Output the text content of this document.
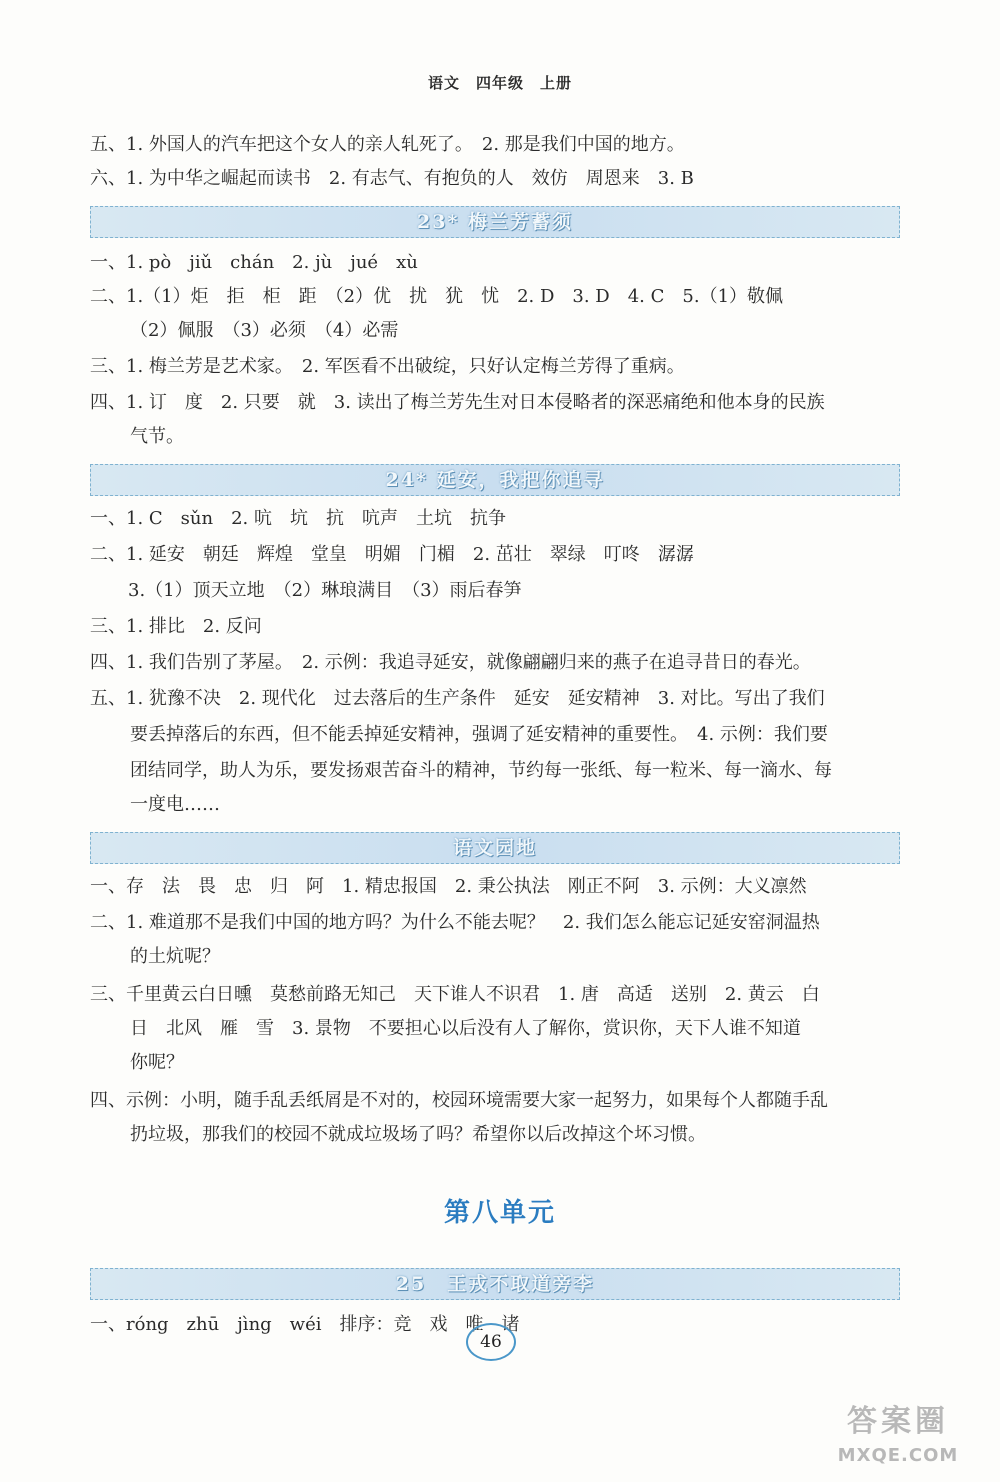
语文　四年级　上册
五、1. 外国人的汽车把这个女人的亲人轧死了。　2. 那是我们中国的地方。
六、1. 为中华之崛起而读书　2. 有志气、有抱负的人　效仿　周恩来　3. B
23* 梅兰芳蓄须
一、1. pò　jiǔ　chán　2. jù　jué　xù
二、1.（1）炬　拒　柜　距　（2）优　扰　犹　忧　2. D　3. D　4. C　5.（1）敬佩
（2）佩服　（3）必须　（4）必需
三、1. 梅兰芳是艺术家。　2. 军医看不出破绽，只好认定梅兰芳得了重病。
四、1. 订　度　2. 只要　就　3. 读出了梅兰芳先生对日本侵略者的深恶痛绝和他本身的民族
气节。
24* 延安，我把你追寻
一、1. C　sǔn　2. 吭　坑　抗　吭声　土坑　抗争
二、1. 延安　朝廷　辉煌　堂皇　明媚　门楣　2. 茁壮　翠绿　叮咚　潺潺
3.（1）顶天立地　（2）琳琅满目　（3）雨后春笋
三、1. 排比　2. 反问
四、1. 我们告别了茅屋。　2. 示例：我追寻延安，就像翩翩归来的燕子在追寻昔日的春光。
五、1. 犹豫不决　2. 现代化　过去落后的生产条件　延安　延安精神　3. 对比。写出了我们
要丢掉落后的东西，但不能丢掉延安精神，强调了延安精神的重要性。　4. 示例：我们要
团结同学，助人为乐，要发扬艰苦奋斗的精神，节约每一张纸、每一粒米、每一滴水、每
一度电……
语文园地
一、存　法　畏　忠　归　阿　1. 精忠报国　2. 秉公执法　刚正不阿　3. 示例：大义凛然
二、1. 难道那不是我们中国的地方吗？为什么不能去呢？　2. 我们怎么能忘记延安窑洞温热
的土炕呢？
三、千里黄云白日曛　莫愁前路无知己　天下谁人不识君　1. 唐　高适　送别　2. 黄云　白
日　北风　雁　雪　3. 景物　不要担心以后没有人了解你，赏识你，天下人谁不知道
你呢？
四、示例：小明，随手乱丢纸屑是不对的，校园环境需要大家一起努力，如果每个人都随手乱
扔垃圾，那我们的校园不就成垃圾场了吗？希望你以后改掉这个坏习惯。
第八单元
25　王戎不取道旁李
一、róng　zhū　jìng　wéi　排序：竞　戏　唯　诸
46
答案圈
MXQE.COM
